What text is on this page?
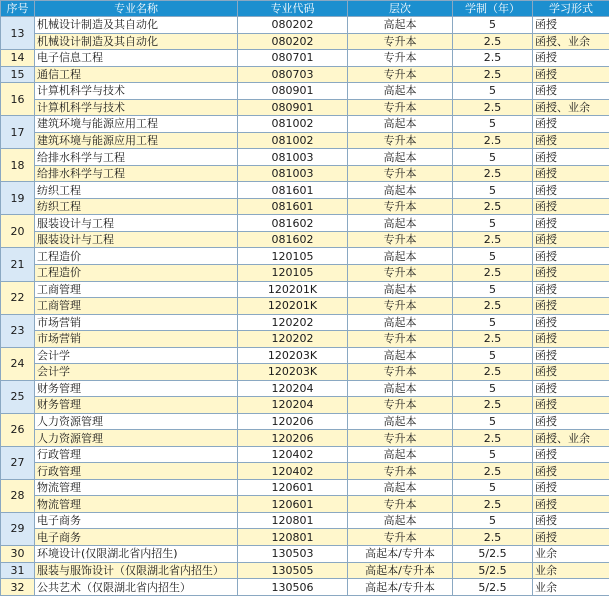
序号	专业名称	专业代码	层次	学制（年）	学习形式
13	机械设计制造及其自动化	080202	高起本	5	函授
	机械设计制造及其自动化	080202	专升本	2.5	函授、业余
14	电子信息工程	080701	专升本	2.5	函授
15	通信工程	080703	专升本	2.5	函授
16	计算机科学与技术	080901	高起本	5	函授
	计算机科学与技术	080901	专升本	2.5	函授、业余
17	建筑环境与能源应用工程	081002	高起本	5	函授
	建筑环境与能源应用工程	081002	专升本	2.5	函授
18	给排水科学与工程	081003	高起本	5	函授
	给排水科学与工程	081003	专升本	2.5	函授
19	纺织工程	081601	高起本	5	函授
	纺织工程	081601	专升本	2.5	函授
20	服装设计与工程	081602	高起本	5	函授
	服装设计与工程	081602	专升本	2.5	函授
21	工程造价	120105	高起本	5	函授
	工程造价	120105	专升本	2.5	函授
22	工商管理	120201K	高起本	5	函授
	工商管理	120201K	专升本	2.5	函授
23	市场营销	120202	高起本	5	函授
	市场营销	120202	专升本	2.5	函授
24	会计学	120203K	高起本	5	函授
	会计学	120203K	专升本	2.5	函授
25	财务管理	120204	高起本	5	函授
	财务管理	120204	专升本	2.5	函授
26	人力资源管理	120206	高起本	5	函授
	人力资源管理	120206	专升本	2.5	函授、业余
27	行政管理	120402	高起本	5	函授
	行政管理	120402	专升本	2.5	函授
28	物流管理	120601	高起本	5	函授
	物流管理	120601	专升本	2.5	函授
29	电子商务	120801	高起本	5	函授
	电子商务	120801	专升本	2.5	函授
30	环境设计(仅限湖北省内招生)	130503	高起本/专升本	5/2.5	业余
31	服装与服饰设计（仅限湖北省内招生）	130505	高起本/专升本	5/2.5	业余
32	公共艺术（仅限湖北省内招生）	130506	高起本/专升本	5/2.5	业余
